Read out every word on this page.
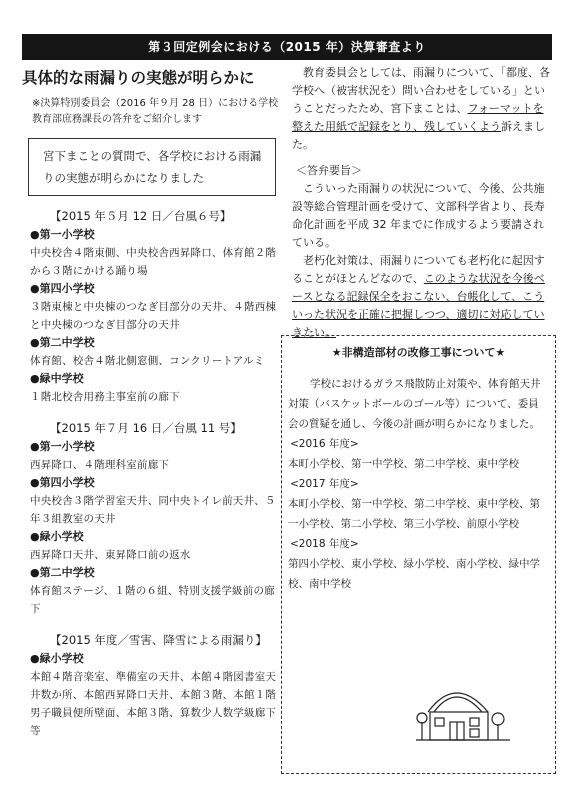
第３回定例会における（2015 年）決算審査より
具体的な雨漏りの実態が明らかに
※決算特別委員会（2016 年９月 28 日）における学校教育部庶務課長の答弁をご紹介します
宮下まことの質問で、各学校における雨漏りの実態が明らかになりました
【2015 年５月 12 日／台風６号】
●第一小学校
中央校舎４階東側、中央校舎西昇降口、体育館２階から３階にかける踊り場
●第四小学校
３階東棟と中央棟のつなぎ目部分の天井、４階西棟と中央棟のつなぎ目部分の天井
●第二中学校
体育館、校舎４階北側窓側、コンクリートアルミ
●緑中学校
１階北校舎用務主事室前の廊下
【2015 年７月 16 日／台風 11 号】
●第一小学校
西昇降口、４階理科室前廊下
●第四小学校
中央校舎３階学習室天井、同中央トイレ前天井、５年３組教室の天井
●緑小学校
西昇降口天井、東昇降口前の返水
●第二中学校
体育館ステージ、１階の６組、特別支援学級前の廊下
【2015 年度／雪害、降雪による雨漏り】
●緑小学校
本館４階音楽室、準備室の天井、本館４階図書室天井数か所、本館西昇降口天井、本館３階、本館１階男子職員便所壁面、本館３階、算数少人数学級廊下等
教育委員会としては、雨漏りについて、「都度、各学校へ（被害状況を）問い合わせをしている」ということだったため、宮下まことは、フォーマットを整えた用紙で記録をとり、残していくよう訴えました。
＜答弁要旨＞
こういった雨漏りの状況について、今後、公共施設等総合管理計画を受けて、文部科学省より、長寿命化計画を平成 32 年までに作成するよう要請されている。
老朽化対策は、雨漏りについても老朽化に起因することがほとんどなので、このような状況を今後ベースとなる記録保全をおこない、台帳化して、こういった状況を正確に把握しつつ、適切に対応していきたい。
★非構造部材の改修工事について★
学校におけるガラス飛散防止対策や、体育館天井対策（バスケットボールのゴール等）について、委員会の質疑を通し、今後の計画が明らかになりました。
<2016 年度>
本町小学校、第一中学校、第二中学校、東中学校
<2017 年度>
本町小学校、第一中学校、第二中学校、東中学校、第一小学校、第二小学校、第三小学校、前原小学校
<2018 年度>
第四小学校、東小学校、緑小学校、南小学校、緑中学校、南中学校
